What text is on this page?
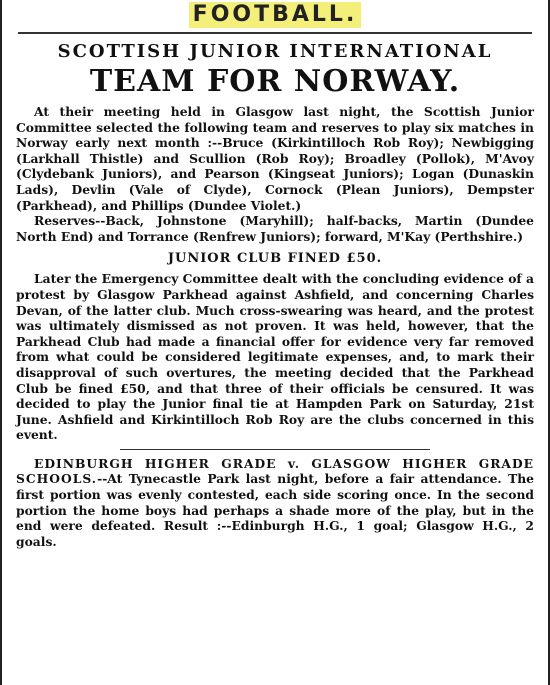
FOOTBALL.
SCOTTISH JUNIOR INTERNATIONAL
TEAM FOR NORWAY.

At their meeting held in Glasgow last night, the Scottish Junior Committee selected the following team and reserves to play six matches in Norway early next month :--Bruce (Kirkintilloch Rob Roy); Newbigging (Larkhall Thistle) and Scullion (Rob Roy); Broadley (Pollok), M'Avoy (Clydebank Juniors), and Pearson (Kingseat Juniors); Logan (Dunaskin Lads), Devlin (Vale of Clyde), Cornock (Plean Juniors), Dempster (Parkhead), and Phillips (Dundee Violet.)

Reserves--Back, Johnstone (Maryhill); half-backs, Martin (Dundee North End) and Torrance (Renfrew Juniors); forward, M'Kay (Perthshire.)

JUNIOR CLUB FINED £50.

Later the Emergency Committee dealt with the concluding evidence of a protest by Glasgow Parkhead against Ashfield, and concerning Charles Devan, of the latter club. Much cross-swearing was heard, and the protest was ultimately dismissed as not proven. It was held, however, that the Parkhead Club had made a financial offer for evidence very far removed from what could be considered legitimate expenses, and, to mark their disapproval of such overtures, the meeting decided that the Parkhead Club be fined £50, and that three of their officials be censured. It was decided to play the Junior final tie at Hampden Park on Saturday, 21st June. Ashfield and Kirkintilloch Rob Roy are the clubs concerned in this event.

EDINBURGH HIGHER GRADE v. GLASGOW HIGHER GRADE SCHOOLS.--At Tynecastle Park last night, before a fair attendance. The first portion was evenly contested, each side scoring once. In the second portion the home boys had perhaps a shade more of the play, but in the end were defeated. Result :--Edinburgh H.G., 1 goal; Glasgow H.G., 2 goals.
